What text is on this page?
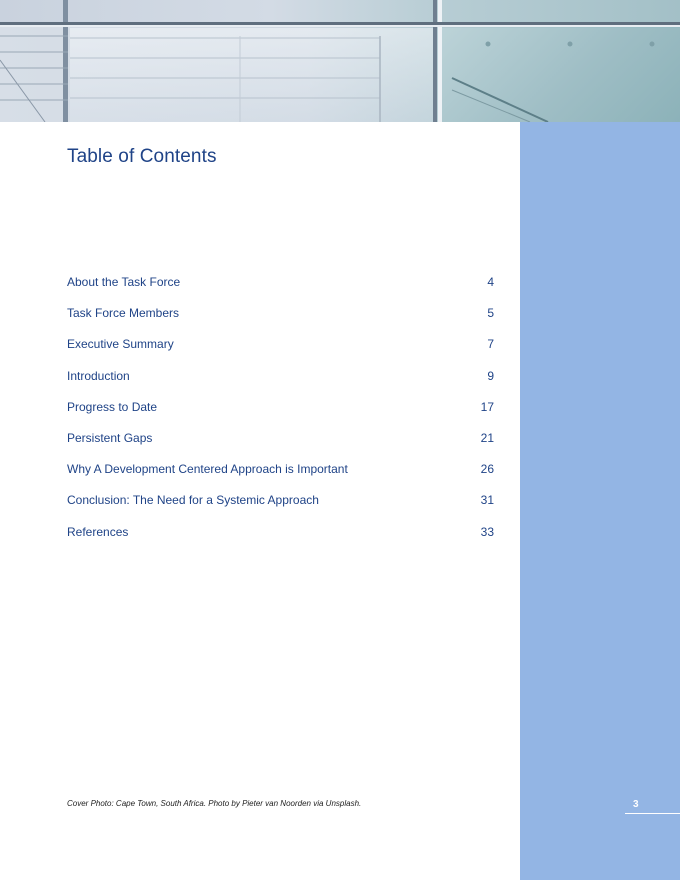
Table of Contents
About the Task Force	4
Task Force Members	5
Executive Summary	7
Introduction	9
Progress to Date	17
Persistent Gaps	21
Why A Development Centered Approach is Important	26
Conclusion: The Need for a Systemic Approach	31
References	33
Cover Photo: Cape Town, South Africa. Photo by Pieter van Noorden via Unsplash.	3
